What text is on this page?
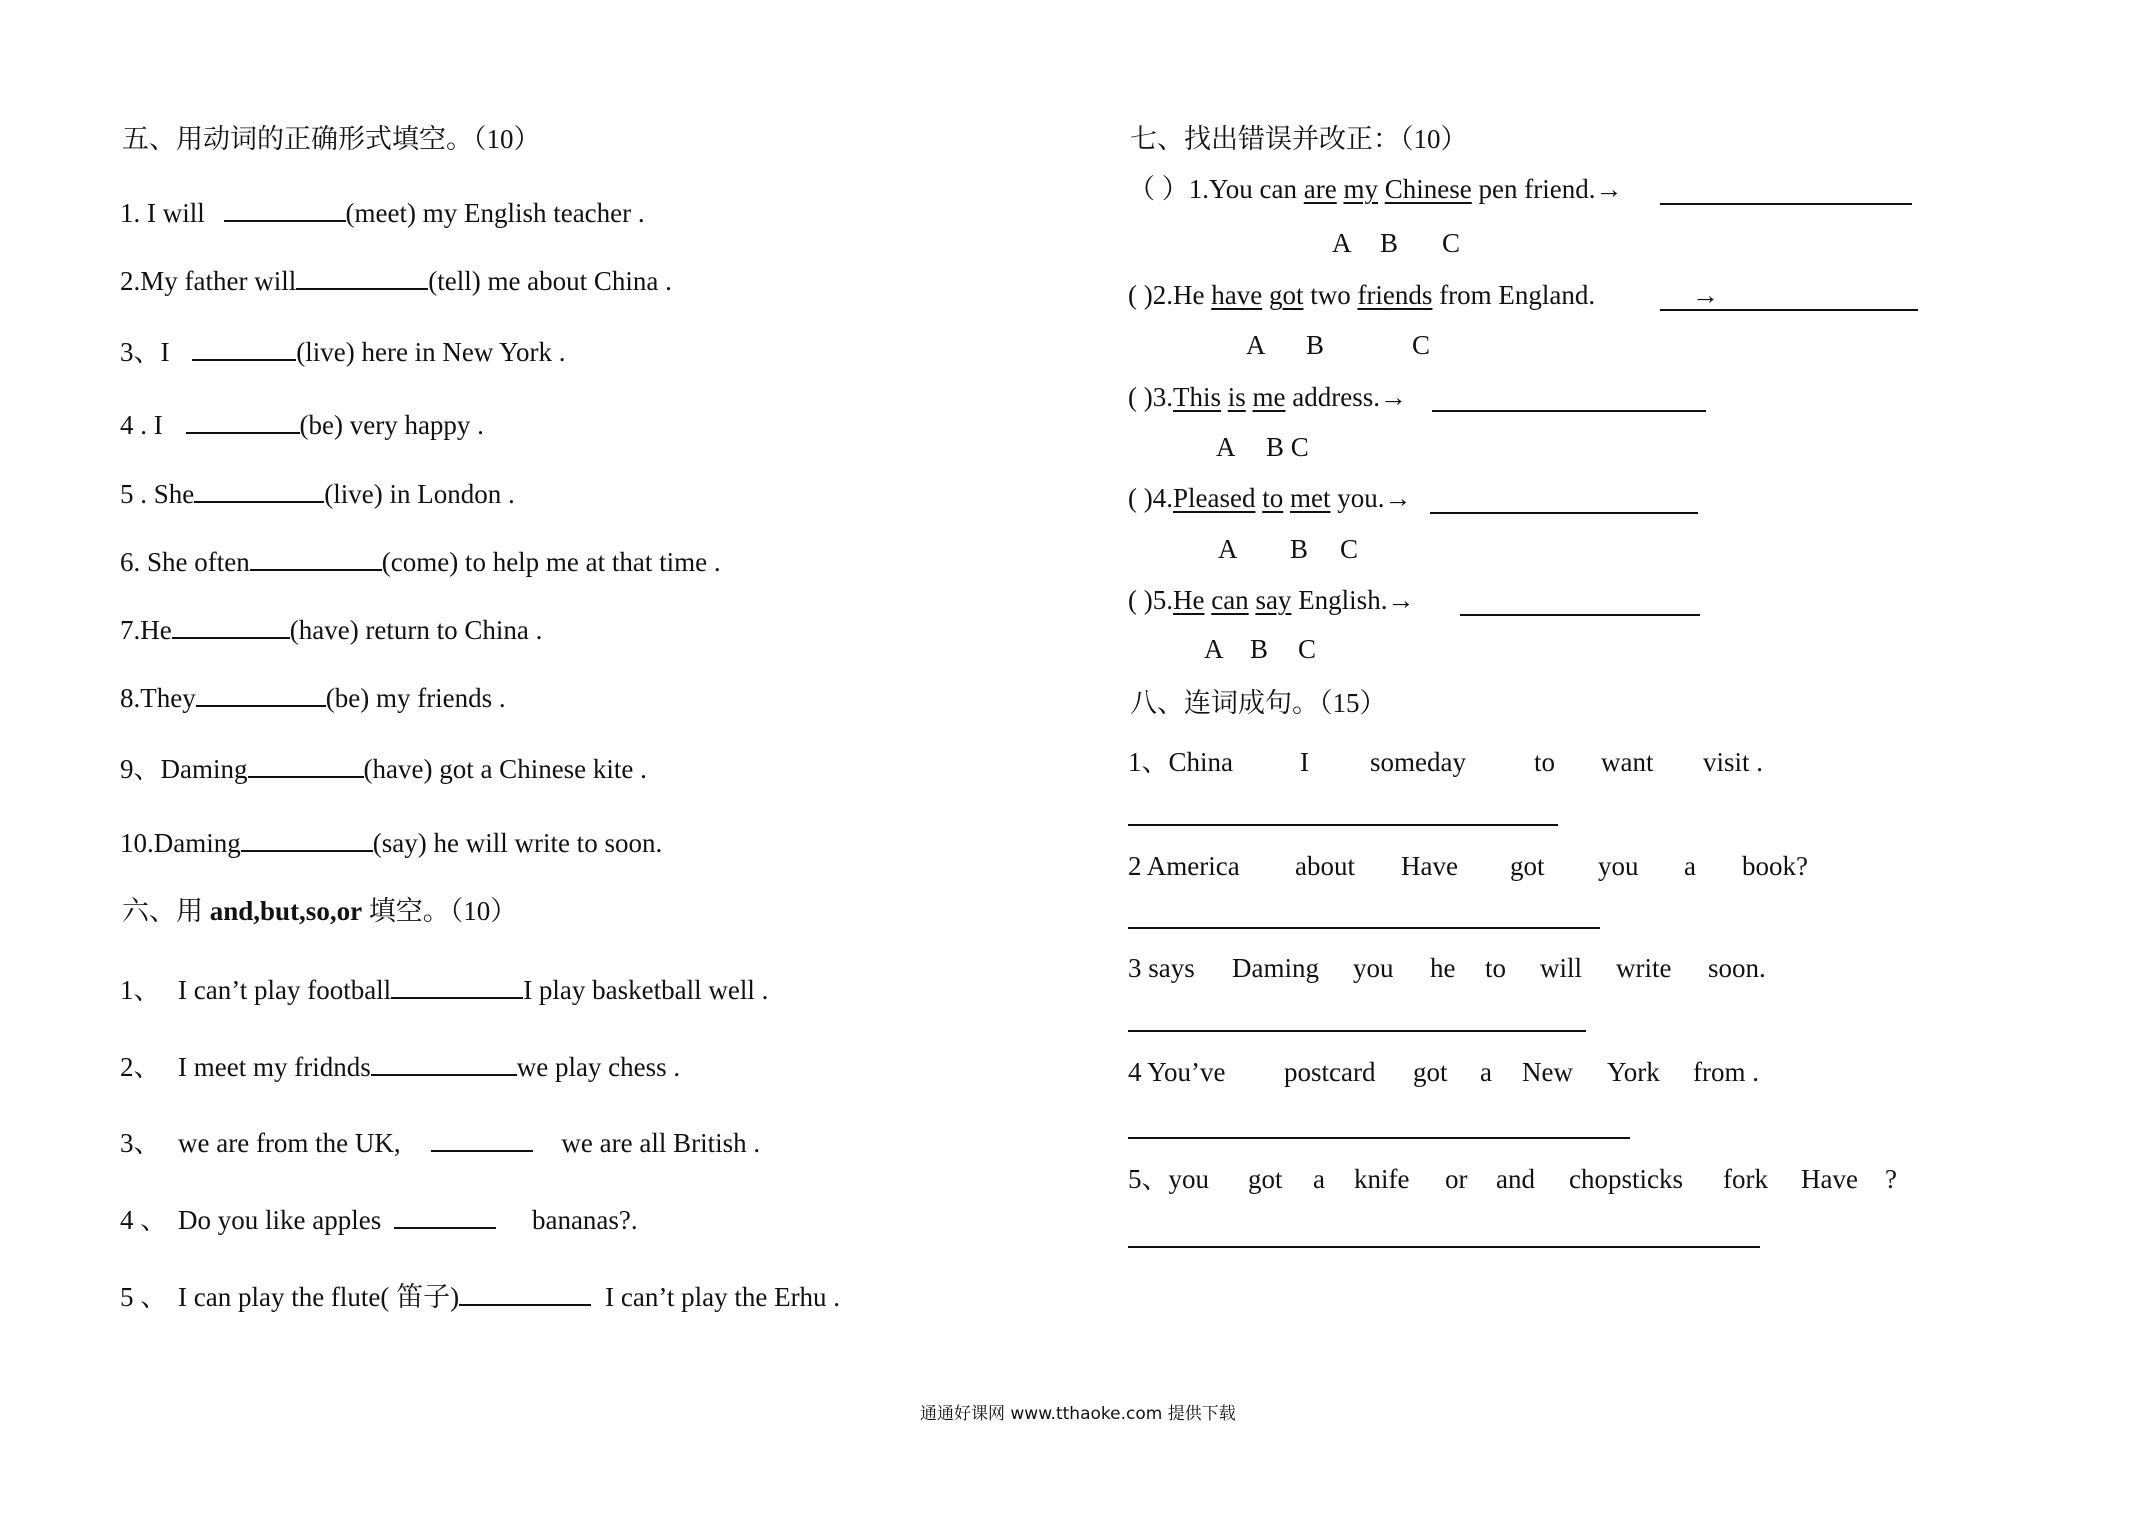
五、用动词的正确形式填空。（10）
1. I will	(meet) my English teacher .
2.My father will	(tell) me about China .
3、I	(live) here in New York .
4 . I	(be) very happy .
5 . She	(live) in London .
6. She often	(come) to help me at that time .
7.He	(have) return to China .
8.They	(be) my friends .
9、Daming	(have) got a Chinese kite .
10.Daming	(say) he will write to soon.
六、用 and,but,so,or 填空。（10）
1、 I can’t play football	I play basketball well .
2、 I meet my fridnds	we play chess .
3、 we are from the UK,	we are all British .
4 、 Do you like apples	bananas?.
5 、 I can play the flute( 笛子)	I can’t play the Erhu .
七、找出错误并改正：（10）
（ ）1.You can are my Chinese pen friend.→
A B C
( )2.He have got two friends from England.	→
A B	C
( )3.This is me address.→
A B C
( )4.Pleased to met you.→
A B C
( )5.He can say English.→
A B C
八、连词成句。（15）
1、China I someday	to want visit .
2 America about Have got you a book?
3 says Daming you he to will write soon.
4 You’ve postcard got a New York from .
5、you got a knife or and chopsticks fork Have ?
通通好课网 www.tthaoke.com 提供下载
